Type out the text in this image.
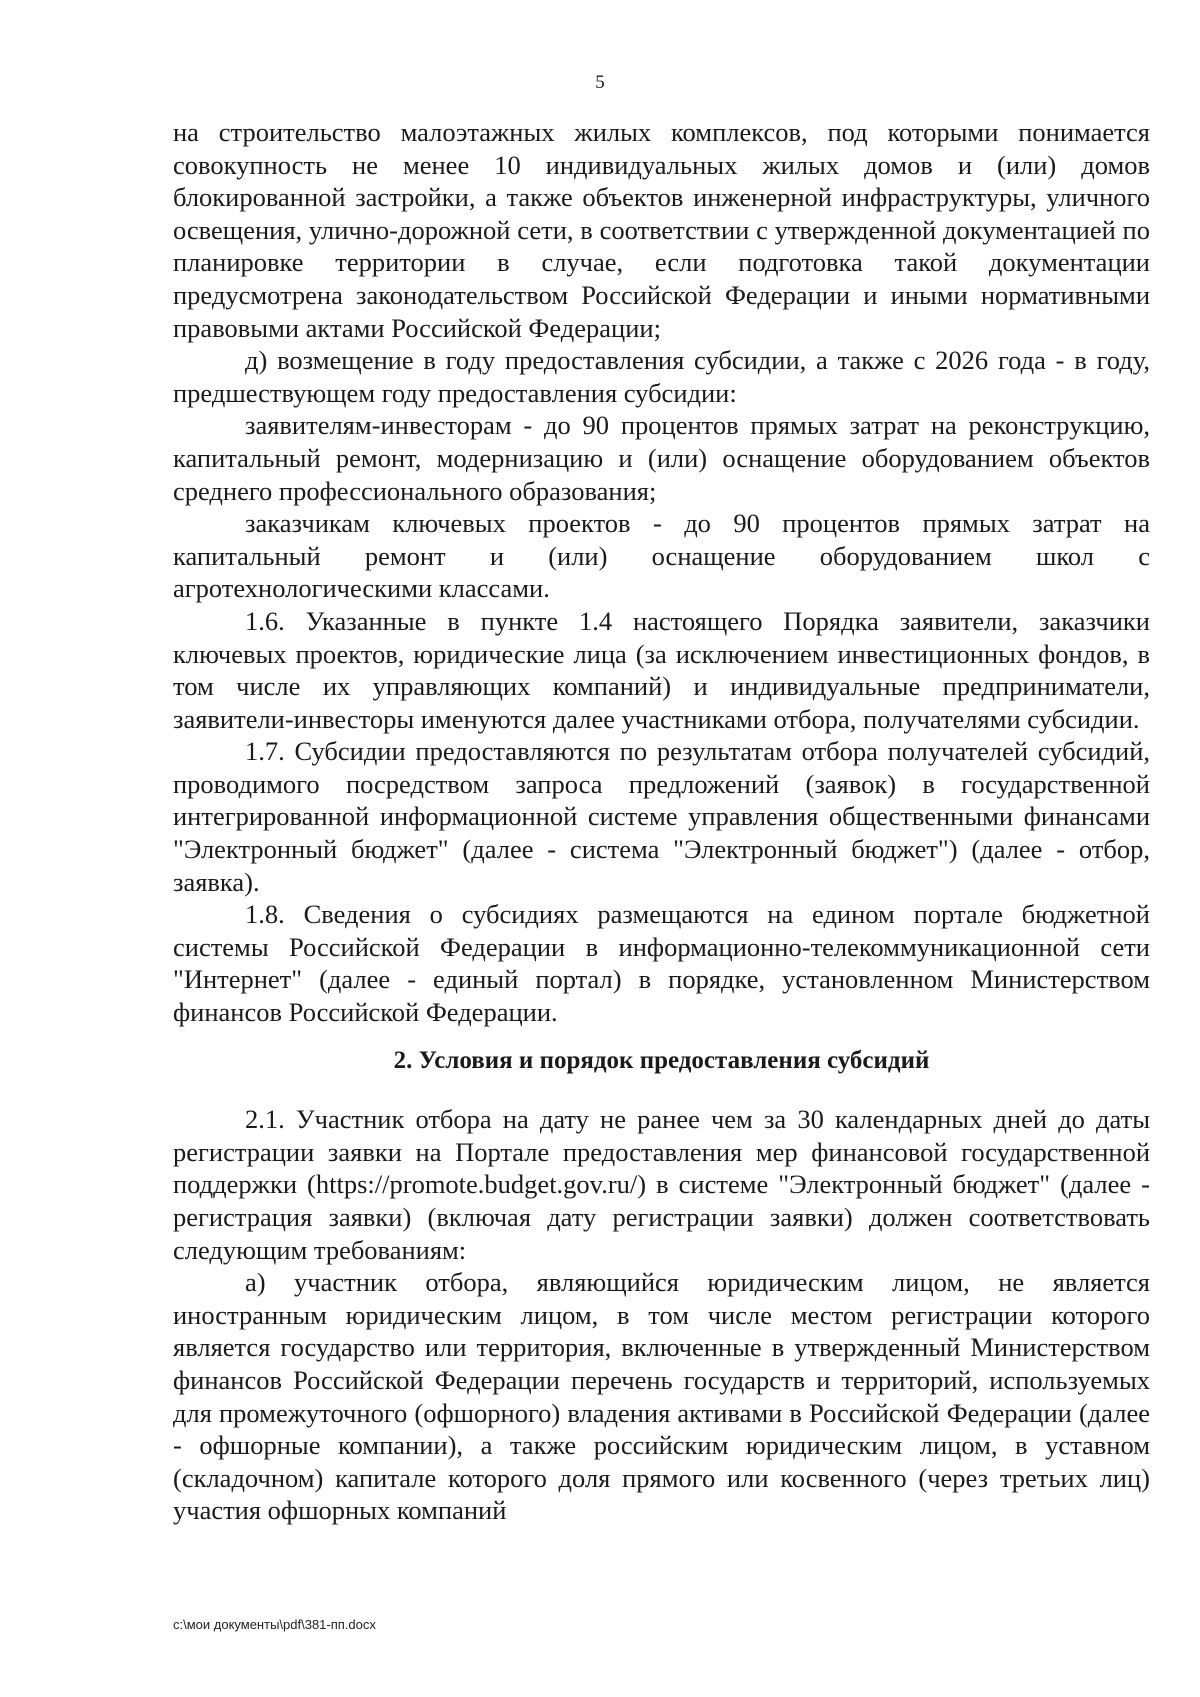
5

на строительство малоэтажных жилых комплексов, под которыми понимается совокупность не менее 10 индивидуальных жилых домов и (или) домов блокированной застройки, а также объектов инженерной инфраструктуры, уличного освещения, улично-дорожной сети, в соответствии с утвержденной документацией по планировке территории в случае, если подготовка такой документации предусмотрена законодательством Российской Федерации и иными нормативными правовыми актами Российской Федерации;

д) возмещение в году предоставления субсидии, а также с 2026 года - в году, предшествующем году предоставления субсидии:

заявителям-инвесторам - до 90 процентов прямых затрат на реконструкцию, капитальный ремонт, модернизацию и (или) оснащение оборудованием объектов среднего профессионального образования;

заказчикам ключевых проектов - до 90 процентов прямых затрат на капитальный ремонт и (или) оснащение оборудованием школ с агротехнологическими классами.

1.6. Указанные в пункте 1.4 настоящего Порядка заявители, заказчики ключевых проектов, юридические лица (за исключением инвестиционных фондов, в том числе их управляющих компаний) и индивидуальные предприниматели, заявители-инвесторы именуются далее участниками отбора, получателями субсидии.

1.7. Субсидии предоставляются по результатам отбора получателей субсидий, проводимого посредством запроса предложений (заявок) в государственной интегрированной информационной системе управления общественными финансами "Электронный бюджет" (далее - система "Электронный бюджет") (далее - отбор, заявка).

1.8. Сведения о субсидиях размещаются на едином портале бюджетной системы Российской Федерации в информационно-телекоммуникационной сети "Интернет" (далее - единый портал) в порядке, установленном Министерством финансов Российской Федерации.

2. Условия и порядок предоставления субсидий

2.1. Участник отбора на дату не ранее чем за 30 календарных дней до даты регистрации заявки на Портале предоставления мер финансовой государственной поддержки (https://promote.budget.gov.ru/) в системе "Электронный бюджет" (далее - регистрация заявки) (включая дату регистрации заявки) должен соответствовать следующим требованиям:

а) участник отбора, являющийся юридическим лицом, не является иностранным юридическим лицом, в том числе местом регистрации которого является государство или территория, включенные в утвержденный Министерством финансов Российской Федерации перечень государств и территорий, используемых для промежуточного (офшорного) владения активами в Российской Федерации (далее - офшорные компании), а также российским юридическим лицом, в уставном (складочном) капитале которого доля прямого или косвенного (через третьих лиц) участия офшорных компаний

c:\мои документы\pdf\381-пп.docx
